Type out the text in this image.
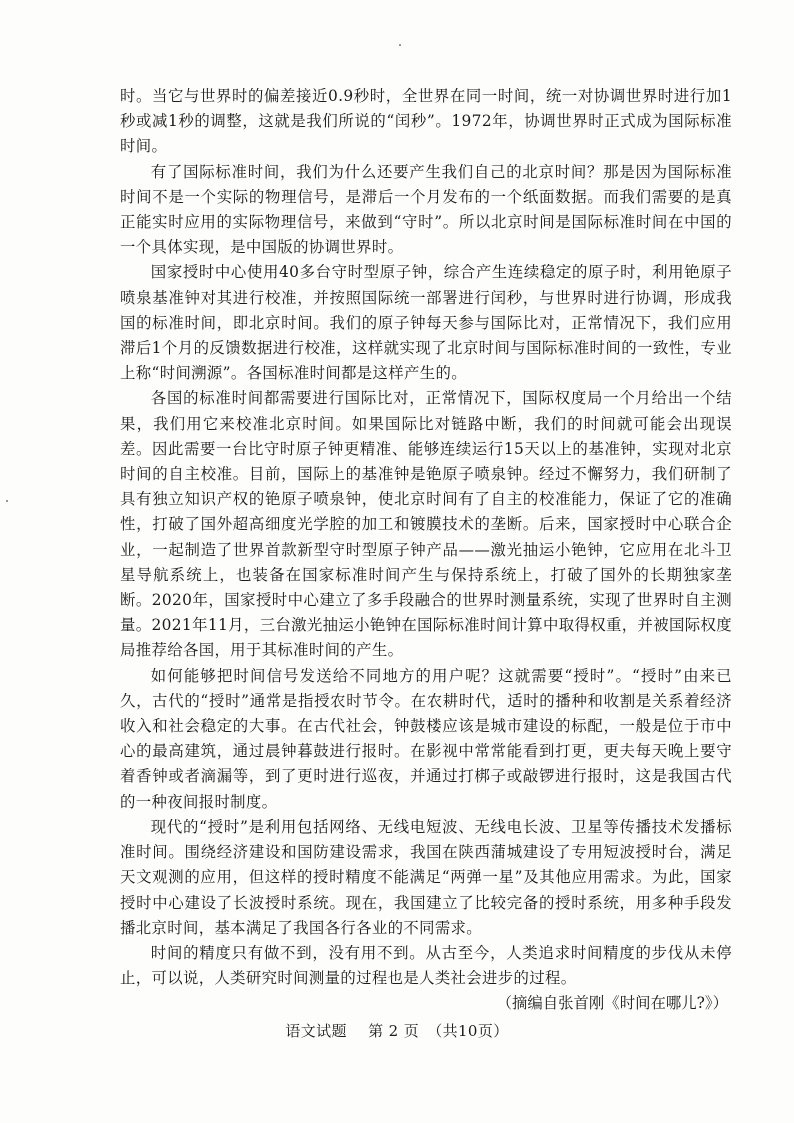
时。当它与世界时的偏差接近0.9秒时，全世界在同一时间，统一对协调世界时进行加1秒或减1秒的调整，这就是我们所说的“闰秒”。1972年，协调世界时正式成为国际标准时间。

有了国际标准时间，我们为什么还要产生我们自己的北京时间？那是因为国际标准时间不是一个实际的物理信号，是滞后一个月发布的一个纸面数据。而我们需要的是真正能实时应用的实际物理信号，来做到“守时”。所以北京时间是国际标准时间在中国的一个具体实现，是中国版的协调世界时。

国家授时中心使用40多台守时型原子钟，综合产生连续稳定的原子时，利用铯原子喷泉基准钟对其进行校准，并按照国际统一部署进行闰秒，与世界时进行协调，形成我国的标准时间，即北京时间。我们的原子钟每天参与国际比对，正常情况下，我们应用滞后1个月的反馈数据进行校准，这样就实现了北京时间与国际标准时间的一致性，专业上称“时间溯源”。各国标准时间都是这样产生的。

各国的标准时间都需要进行国际比对，正常情况下，国际权度局一个月给出一个结果，我们用它来校准北京时间。如果国际比对链路中断，我们的时间就可能会出现误差。因此需要一台比守时原子钟更精准、能够连续运行15天以上的基准钟，实现对北京时间的自主校准。目前，国际上的基准钟是铯原子喷泉钟。经过不懈努力，我们研制了具有独立知识产权的铯原子喷泉钟，使北京时间有了自主的校准能力，保证了它的准确性，打破了国外超高细度光学腔的加工和镀膜技术的垄断。后来，国家授时中心联合企业，一起制造了世界首款新型守时型原子钟产品——激光抽运小铯钟，它应用在北斗卫星导航系统上，也装备在国家标准时间产生与保持系统上，打破了国外的长期独家垄断。2020年，国家授时中心建立了多手段融合的世界时测量系统，实现了世界时自主测量。2021年11月，三台激光抽运小铯钟在国际标准时间计算中取得权重，并被国际权度局推荐给各国，用于其标准时间的产生。

如何能够把时间信号发送给不同地方的用户呢？这就需要“授时”。“授时”由来已久，古代的“授时”通常是指授农时节令。在农耕时代，适时的播种和收割是关系着经济收入和社会稳定的大事。在古代社会，钟鼓楼应该是城市建设的标配，一般是位于市中心的最高建筑，通过晨钟暮鼓进行报时。在影视中常常能看到打更，更夫每天晚上要守着香钟或者滴漏等，到了更时进行巡夜，并通过打梆子或敲锣进行报时，这是我国古代的一种夜间报时制度。

现代的“授时”是利用包括网络、无线电短波、无线电长波、卫星等传播技术发播标准时间。围绕经济建设和国防建设需求，我国在陕西蒲城建设了专用短波授时台，满足天文观测的应用，但这样的授时精度不能满足“两弹一星”及其他应用需求。为此，国家授时中心建设了长波授时系统。现在，我国建立了比较完备的授时系统，用多种手段发播北京时间，基本满足了我国各行各业的不同需求。

时间的精度只有做不到，没有用不到。从古至今，人类追求时间精度的步伐从未停止，可以说，人类研究时间测量的过程也是人类社会进步的过程。

（摘编自张首刚《时间在哪儿?》）

语文试题 第 2 页 （共10页）
